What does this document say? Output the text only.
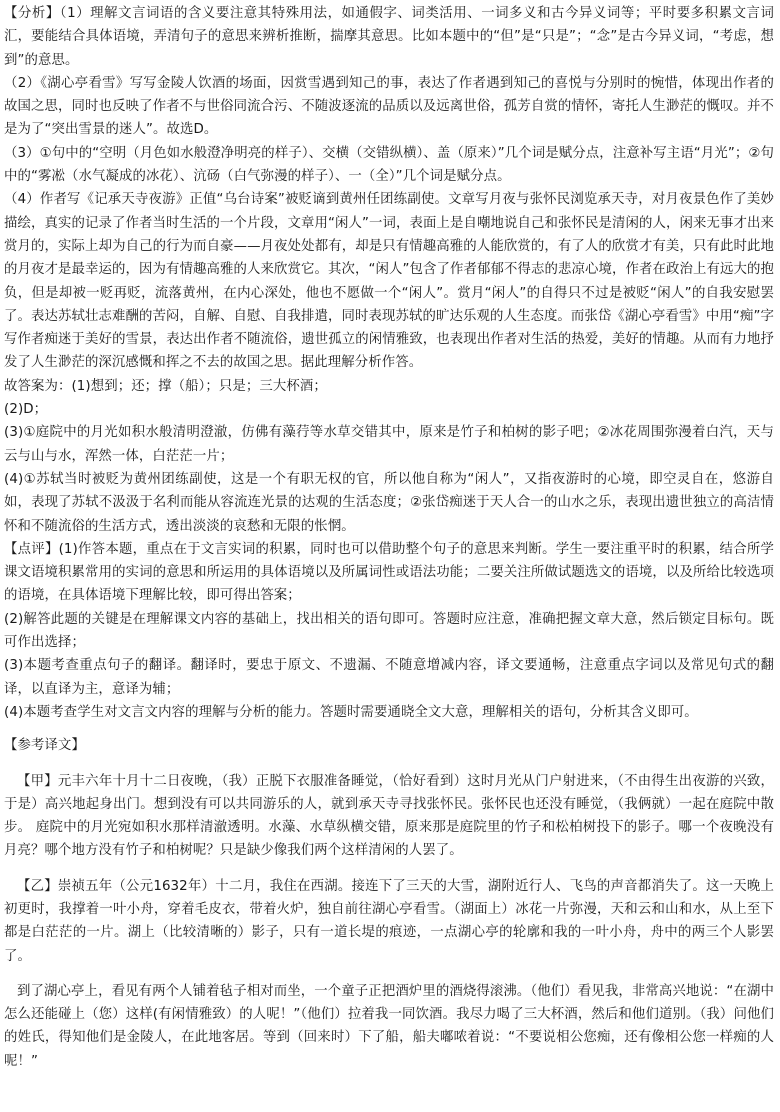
【分析】（1）理解文言词语的含义要注意其特殊用法，如通假字、词类活用、一词多义和古今异义词等；平时要多积累文言词汇，要能结合具体语境，弄清句子的意思来辨析推断，揣摩其意思。比如本题中的“但”是“只是”；“念”是古今异义词，“考虑，想到”的意思。

（2）《湖心亭看雪》写写金陵人饮酒的场面，因赏雪遇到知己的事，表达了作者遇到知己的喜悦与分别时的惋惜，体现出作者的故国之思，同时也反映了作者不与世俗同流合污、不随波逐流的品质以及远离世俗，孤芳自赏的情怀，寄托人生渺茫的慨叹。并不是为了“突出雪景的迷人”。故选D。

（3）①句中的“空明（月色如水般澄净明亮的样子）、交横（交错纵横）、盖（原来）”几个词是赋分点，注意补写主语“月光”；②句中的“雾凇（水气凝成的冰花）、沆砀（白气弥漫的样子）、一（全）”几个词是赋分点。

（4）作者写《记承天寺夜游》正值“乌台诗案”被贬谪到黄州任团练副使。文章写月夜与张怀民浏览承天寺，对月夜景色作了美妙描绘，真实的记录了作者当时生活的一个片段，文章用“闲人”一词，表面上是自嘲地说自己和张怀民是清闲的人，闲来无事才出来赏月的，实际上却为自己的行为而自豪——月夜处处都有，却是只有情趣高雅的人能欣赏的，有了人的欣赏才有美，只有此时此地的月夜才是最幸运的，因为有情趣高雅的人来欣赏它。其次，“闲人”包含了作者郁郁不得志的悲凉心境，作者在政治上有远大的抱负，但是却被一贬再贬，流落黄州，在内心深处，他也不愿做一个“闲人”。赏月“闲人”的自得只不过是被贬“闲人”的自我安慰罢了。表达苏轼壮志难酬的苦闷，自解、自慰、自我排遣，同时表现苏轼的旷达乐观的人生态度。而张岱《湖心亭看雪》中用“痴”字写作者痴迷于美好的雪景，表达出作者不随流俗，遗世孤立的闲情雅致，也表现出作者对生活的热爱，美好的情趣。从而有力地抒发了人生渺茫的深沉感慨和挥之不去的故国之思。据此理解分析作答。

故答案为：(1)想到；还；撑（船）；只是；三大杯酒；

(2)D；

(3)①庭院中的月光如积水般清明澄澈，仿佛有藻荇等水草交错其中，原来是竹子和柏树的影子吧；②冰花周围弥漫着白汽，天与云与山与水，浑然一体，白茫茫一片；

(4)①苏轼当时被贬为黄州团练副使，这是一个有职无权的官，所以他自称为“闲人”，又指夜游时的心境，即空灵自在，悠游自如，表现了苏轼不汲汲于名利而能从容流连光景的达观的生活态度；②张岱痴迷于天人合一的山水之乐，表现出遗世独立的高洁情怀和不随流俗的生活方式，透出淡淡的哀愁和无限的怅惘。

【点评】(1)作答本题，重点在于文言实词的积累，同时也可以借助整个句子的意思来判断。学生一要注重平时的积累，结合所学课文语境积累常用的实词的意思和所运用的具体语境以及所属词性或语法功能；二要关注所做试题选文的语境，以及所给比较选项的语境，在具体语境下理解比较，即可得出答案；

(2)解答此题的关键是在理解课文内容的基础上，找出相关的语句即可。答题时应注意，准确把握文章大意，然后锁定目标句。既可作出选择；

(3)本题考查重点句子的翻译。翻译时，要忠于原文、不遗漏、不随意增减内容，译文要通畅，注意重点字词以及常见句式的翻译，以直译为主，意译为辅；

(4)本题考查学生对文言文内容的理解与分析的能力。答题时需要通晓全文大意，理解相关的语句，分析其含义即可。

【参考译文】

【甲】元丰六年十月十二日夜晚，（我）正脱下衣服准备睡觉，（恰好看到）这时月光从门户射进来，（不由得生出夜游的兴致，于是）高兴地起身出门。想到没有可以共同游乐的人，就到承天寺寻找张怀民。张怀民也还没有睡觉，（我俩就）一起在庭院中散步。 庭院中的月光宛如积水那样清澈透明。水藻、水草纵横交错，原来那是庭院里的竹子和松柏树投下的影子。哪一个夜晚没有月亮？哪个地方没有竹子和柏树呢？只是缺少像我们两个这样清闲的人罢了。

【乙】崇祯五年（公元1632年）十二月，我住在西湖。接连下了三天的大雪，湖附近行人、飞鸟的声音都消失了。这一天晚上初更时，我撑着一叶小舟，穿着毛皮衣，带着火炉，独自前往湖心亭看雪。（湖面上）冰花一片弥漫，天和云和山和水，从上至下都是白茫茫的一片。湖上（比较清晰的）影子，只有一道长堤的痕迹，一点湖心亭的轮廓和我的一叶小舟，舟中的两三个人影罢了。

到了湖心亭上，看见有两个人铺着毡子相对而坐，一个童子正把酒炉里的酒烧得滚沸。（他们）看见我，非常高兴地说：“在湖中怎么还能碰上（您）这样(有闲情雅致）的人呢！”（他们）拉着我一同饮酒。我尽力喝了三大杯酒，然后和他们道别。（我）问他们的姓氏，得知他们是金陵人，在此地客居。等到（回来时）下了船，船夫嘟哝着说：“不要说相公您痴，还有像相公您一样痴的人呢！”
